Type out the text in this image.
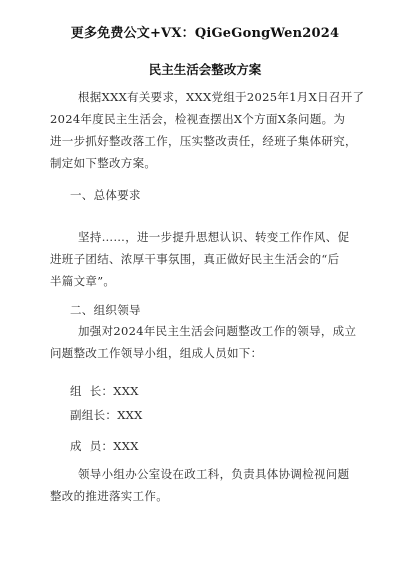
更多免费公文+VX：QiGeGongWen2024
民主生活会整改方案
根据XXX有关要求，XXX党组于2025年1月X日召开了
2024年度民主生活会，检视查摆出X个方面X条问题。为
进一步抓好整改落工作，压实整改责任，经班子集体研究，
制定如下整改方案。
一、总体要求
坚持……，进一步提升思想认识、转变工作作风、促
进班子团结、浓厚干事氛围，真正做好民主生活会的“后
半篇文章”。
二、组织领导
加强对2024年民主生活会问题整改工作的领导，成立
问题整改工作领导小组，组成人员如下：
组  长：XXX
副组长：XXX
成  员：XXX
领导小组办公室设在政工科，负责具体协调检视问题
整改的推进落实工作。
